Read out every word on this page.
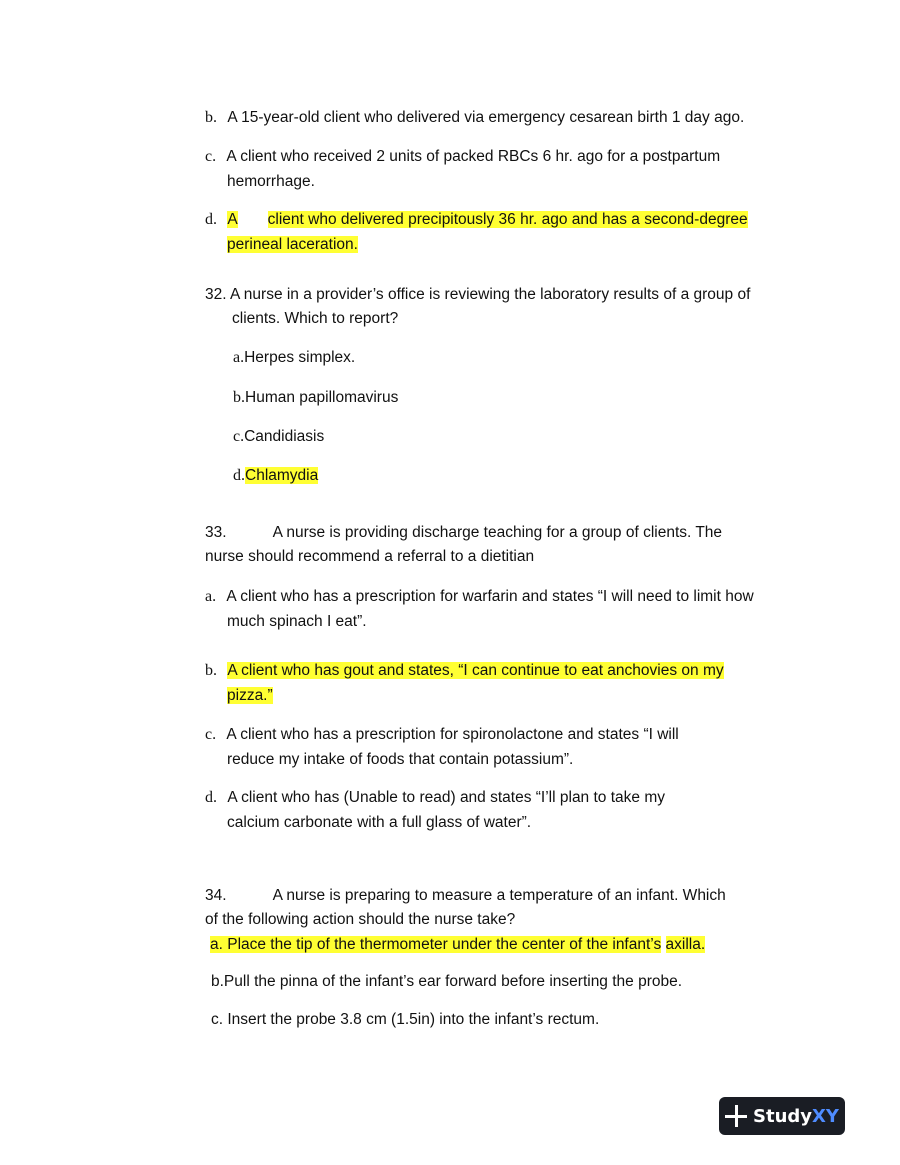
b. A 15-year-old client who delivered via emergency cesarean birth 1 day ago.
c. A client who received 2 units of packed RBCs 6 hr. ago for a postpartum
hemorrhage.
d. A client who delivered precipitously 36 hr. ago and has a second-degree
perineal laceration.
32. A nurse in a provider’s office is reviewing the laboratory results of a group of
clients. Which to report?
a.Herpes simplex.
b.Human papillomavirus
c.Candidiasis
d.Chlamydia
33.	A nurse is providing discharge teaching for a group of clients. The
nurse should recommend a referral to a dietitian
a. A client who has a prescription for warfarin and states “I will need to limit how
much spinach I eat”.
b. A client who has gout and states, “I can continue to eat anchovies on my
pizza.”
c. A client who has a prescription for spironolactone and states “I will
reduce my intake of foods that contain potassium”.
d. A client who has (Unable to read) and states “I’ll plan to take my
calcium carbonate with a full glass of water”.
34.	A nurse is preparing to measure a temperature of an infant. Which
of the following action should the nurse take?
a. Place the tip of the thermometer under the center of the infant’s axilla.
b.Pull the pinna of the infant’s ear forward before inserting the probe.
c. Insert the probe 3.8 cm (1.5in) into the infant’s rectum.
StudyXY
